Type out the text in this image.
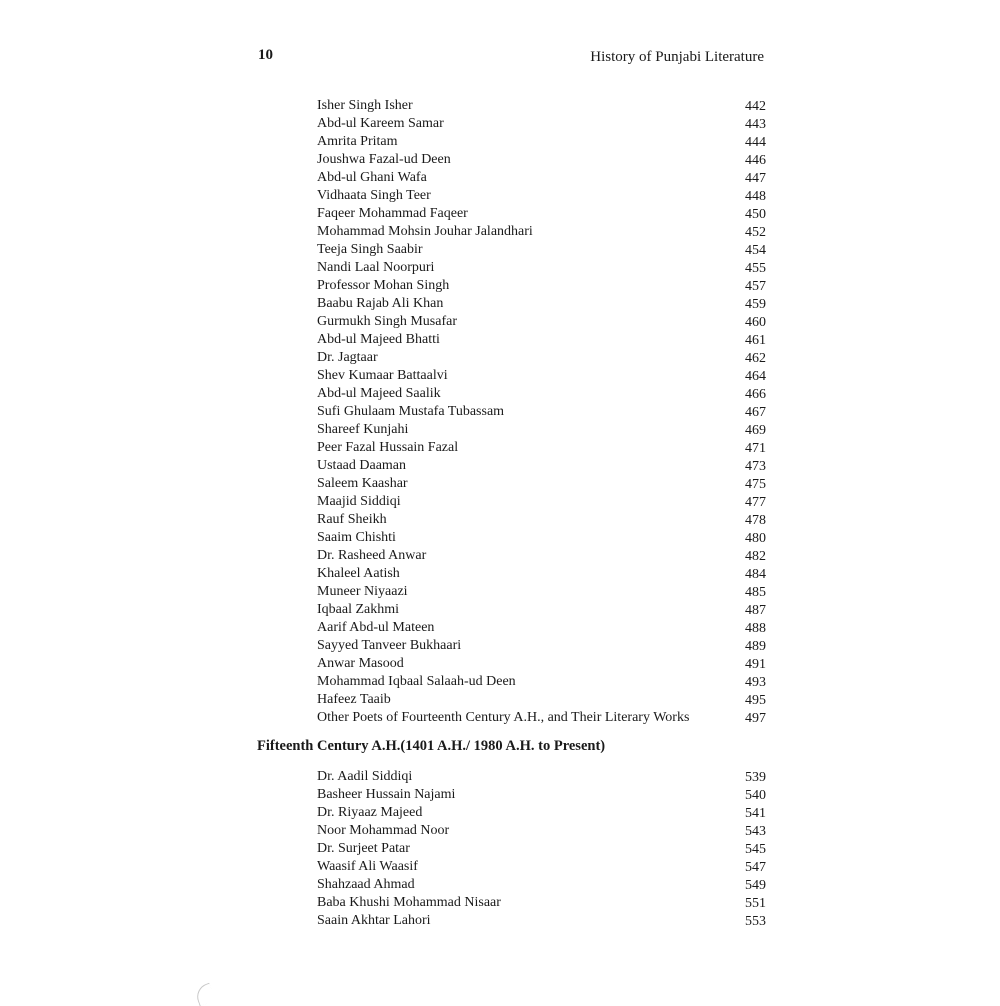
10	History of Punjabi Literature
Isher Singh Isher	442
Abd-ul Kareem Samar	443
Amrita Pritam	444
Joushwa Fazal-ud Deen	446
Abd-ul Ghani Wafa	447
Vidhaata Singh Teer	448
Faqeer Mohammad Faqeer	450
Mohammad Mohsin Jouhar Jalandhari	452
Teeja Singh Saabir	454
Nandi Laal Noorpuri	455
Professor Mohan Singh	457
Baabu Rajab Ali Khan	459
Gurmukh Singh Musafar	460
Abd-ul Majeed Bhatti	461
Dr. Jagtaar	462
Shev Kumaar Battaalvi	464
Abd-ul Majeed Saalik	466
Sufi Ghulaam Mustafa Tubassam	467
Shareef Kunjahi	469
Peer Fazal Hussain Fazal	471
Ustaad Daaman	473
Saleem Kaashar	475
Maajid Siddiqi	477
Rauf Sheikh	478
Saaim Chishti	480
Dr. Rasheed Anwar	482
Khaleel Aatish	484
Muneer Niyaazi	485
Iqbaal Zakhmi	487
Aarif Abd-ul Mateen	488
Sayyed Tanveer Bukhaari	489
Anwar Masood	491
Mohammad Iqbaal Salaah-ud Deen	493
Hafeez Taaib	495
Other Poets of Fourteenth Century A.H., and Their Literary Works	497
Fifteenth Century A.H.(1401 A.H./ 1980 A.H. to Present)
Dr. Aadil Siddiqi	539
Basheer Hussain Najami	540
Dr. Riyaaz Majeed	541
Noor Mohammad Noor	543
Dr. Surjeet Patar	545
Waasif Ali Waasif	547
Shahzaad Ahmad	549
Baba Khushi Mohammad Nisaar	551
Saain Akhtar Lahori	553
